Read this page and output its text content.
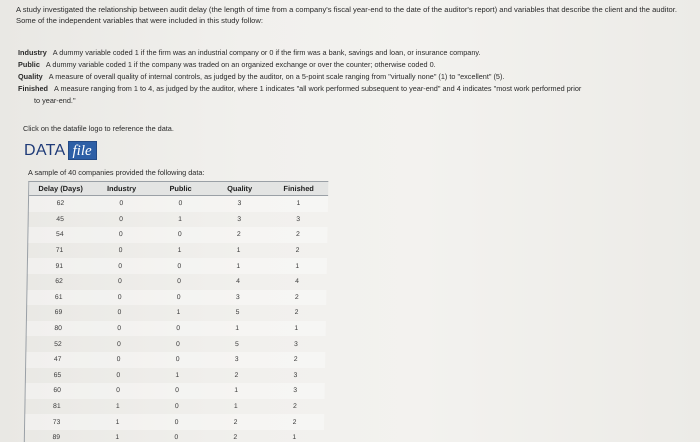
A study investigated the relationship between audit delay (the length of time from a company's fiscal year-end to the date of the auditor's report) and variables that describe the client and the auditor. Some of the independent variables that were included in this study follow:
Industry A dummy variable coded 1 if the firm was an industrial company or 0 if the firm was a bank, savings and loan, or insurance company.
Public A dummy variable coded 1 if the company was traded on an organized exchange or over the counter; otherwise coded 0.
Quality A measure of overall quality of internal controls, as judged by the auditor, on a 5-point scale ranging from "virtually none" (1) to "excellent" (5).
Finished A measure ranging from 1 to 4, as judged by the auditor, where 1 indicates "all work performed subsequent to year-end" and 4 indicates "most work performed prior
to year-end."
Click on the datafile logo to reference the data.
DATA file
A sample of 40 companies provided the following data:
Delay (Days)	Industry	Public	Quality	Finished
62	0	0	3	1
45	0	1	3	3
54	0	0	2	2
71	0	1	1	2
91	0	0	1	1
62	0	0	4	4
61	0	0	3	2
69	0	1	5	2
80	0	0	1	1
52	0	0	5	3
47	0	0	3	2
65	0	1	2	3
60	0	0	1	3
81	1	0	1	2
73	1	0	2	2
89	1	0	2	1
